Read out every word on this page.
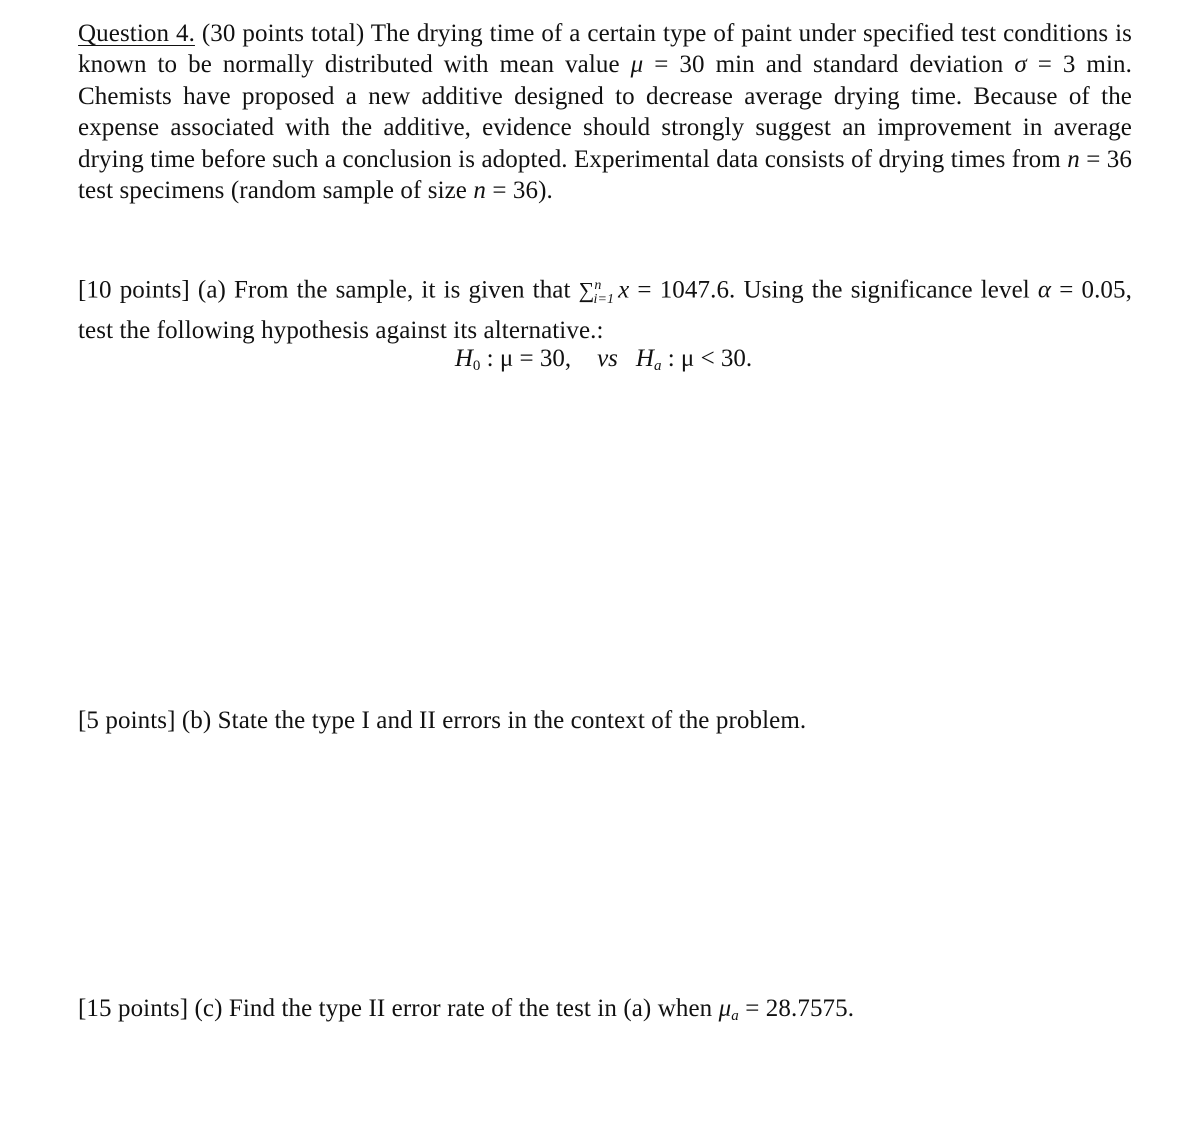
Question 4. (30 points total) The drying time of a certain type of paint under specified test conditions is known to be normally distributed with mean value μ = 30 min and standard deviation σ = 3 min. Chemists have proposed a new additive designed to decrease average drying time. Because of the expense associated with the additive, evidence should strongly suggest an improvement in average drying time before such a conclusion is adopted. Experimental data consists of drying times from n = 36 test specimens (random sample of size n = 36).
[10 points] (a) From the sample, it is given that ∑$^n_{i=1}$ x = 1047.6. Using the significance level α = 0.05, test the following hypothesis against its alternative.:
$H_0$ : μ = 30, vs $H_a$ : μ < 30.
[5 points] (b) State the type I and II errors in the context of the problem.
[15 points] (c) Find the type II error rate of the test in (a) when μa = 28.7575.
